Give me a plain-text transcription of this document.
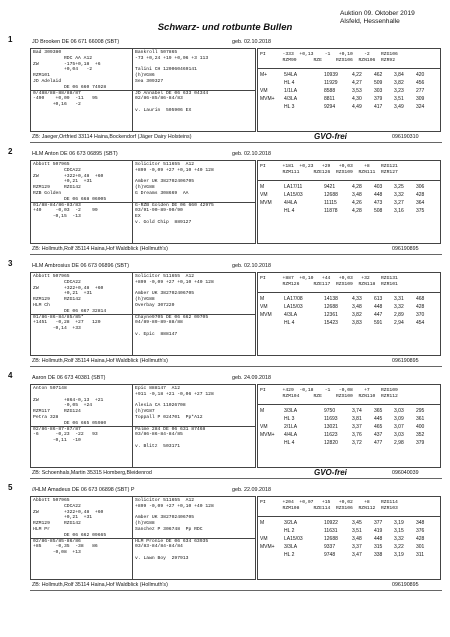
Schwarz- und rotbunte Bullen
Auktion 09. Oktober 2019
Alsfeld, Hessenhalle
1	JD Brooken DE 06 671 66008 (SBT)	geb. 02.10.2018
Bad 309380
RDC AA A12
ZW         -175+0,18  +6
+0,04   -2
RZM101
JD Adelaid
DE 06 660 74928
0/488/88-88/88/87
-490    +0,09  -11   95
+0,16   -2
Bankroll 507865
-73 +0,24 +19 +0,06 +3 113
Talini CH 120060469141
(h)VG86
Sea 309327
JD Annabel DE 06 633 04344
02/86-85/86-84/83
v. Laurin  505906 EX
PI      -333  +0,13    -1   +0,10    -2    RZG106
RZM99      RZE     RZS106  RZN106  RZR92
M+	5/4LA	10939	4,22 462 3,84 420
HL 4	11929	4,27 509 3,82 456
VM	1/1LA	8588	3,53 303 3,23 277
MVM+ 4/3LA	8811	4,30 379 3,51 309
HL 3	9294	4,49 417 3,49 324
ZB: Jaeger,Ortfried 33114 Haina,Bockendorf (Jäger Dairy Holsteins)	GVO-frei	096190310
2	HLM Anton DE 06 673 06895 (SBT)	geb. 02.10.2018
Abbott 507965
CDCA22
ZW         +322+0,48  +60
+0,21  +31
RZM129     RZG142
RZB Golden
DE 06 668 06005
01/88-84/86-83/83
+40     -0,03  -2    99
-0,15  -13
Solicitor 511655  A12
+899 -0,09 +27 +0,10 +40 128
Amber UK 382702406705
(h)VG88
G Dreams 308669  AA
G-RZB Golden DE 06 660 42975
03/91-90-89-90/90
EX
v. Gold Chip  889127
PI      +181  +0,23   +29   +0,03    +8    RZG121
RZM111     RZE126  RZS109  RZN111  RZR127
M	LA17/11	9421	4,28 403 3,25 306
VM	LA15/03	12688	3,48 448 3,32 428
MVM 4/4LA	11115	4,26 473 3,27 364
HL 4	11878	4,28 508 3,16 375
ZB: Hollmuth,Rolf 35114 Haina,Hof Waldblick (Hollmuth's)	096190895
3	HLM Ambrosius DE 06 673 06896 (SBT)	geb. 02.10.2018
Abbott 507965
CDCA22
ZW         +322+0,48  +60
+0,21  +31
RZM129     RZG142
HLM Ch
DE 06 667 32814
01/86-86-84/85/85*
+1451   -0,28  +27   120
-0,14  +33
Solicitor 511655  A12
+899 -0,09 +27 +0,10 +40 128
Amber UK 382702406705
(h)VG88
Overbay 307220
Chayne9705 DE 06 662 09705
04/89-89-89-88/88
v. Epic  888147
PI      +887  +0,10   +44   +0,03   +32    RZG131
RZM126     RZE117  RZS109  RZN118  RZR101
M	LA17/08	14138	4,33 613 3,31 468
VM	LA15/03	12688	3,48 448 3,32 428
MVM 4/3LA	12361	3,82 447 2,89 370
HL 4	15423	3,83 591 2,94 454
ZB: Hollmuth,Rolf 35114 Haina,Hof Waldblick (Hollmuth's)	096190895
4	Aaron DE 06 673 40381 (SBT)	geb. 24.09.2018
Anton 507148
ZW         +864-0,13  +21
-0,05  +24
RZM117     RZG124
Petra 328
DE 06 665 05980
02/86-86-87-87/87
-6      -0,23  -22   93
-0,11  -10
Epic 888147  A12
+911 -0,18 +21 -0,06 +27 128
Alesia CA 11026708
(h)VG87
Toppall P 024701  Pp*A12
Palme 284 DE 06 631 87468
03/86-86-84-84/85
v. Blitz  503171
PI      +429  -0,18    -1   -0,08    +7    RZG109
RZM104     RZE     RZS100  RZN110  RZR112
M	3/3LA	9750	3,74 365 3,03 295
HL 3	11693	3,81 445 3,09 361
VM	2/1LA	13021	3,37 465 3,07 400
MVM+ 4/4LA	11623	3,76 437 3,03 352
HL 4	12820	3,72 477 2,98 379
ZB: Schoenhals,Martin 35315 Homberg,Bleidenrod	GVO-frei	096040039
5	//HLM Amadeus DE 06 673 06898 (SBT) P	geb. 22.09.2018
Abbott 507965
CDCA22
ZW         +322+0,48  +60
+0,21  +31
RZM129     RZG142
HLM Pr
DE 06 662 09665
02/86-85/85-86/86
+85     -0,35  -38   86
-0,08  +13
Solicitor 511655  A12
+899 -0,09 +27 +0,10 +40 128
Amber UK 382702406705
(h)VG88
Sanchez P 306748  Pp RDC
HLM Pronie DE 06 634 63935
03/83-84/84-84/84
v. Lawn Boy  297913
PI      +204  +0,07   +15   +0,02    +8    RZG114
RZM108     RZE114  RZS106  RZN112  RZR103
M	3/2LA	10922	3,45 377 3,19 348
HL 2	11631	3,51 419 3,15 376
VM	LA15/03	12688	3,48 448 3,32 428
MVM+ 3/3LA	9337	3,37 315 3,22 301
HL 2	9748	3,47 338 3,19 311
ZB: Hollmuth,Rolf 35114 Haina,Hof Waldblick (Hollmuth's)	096190895
